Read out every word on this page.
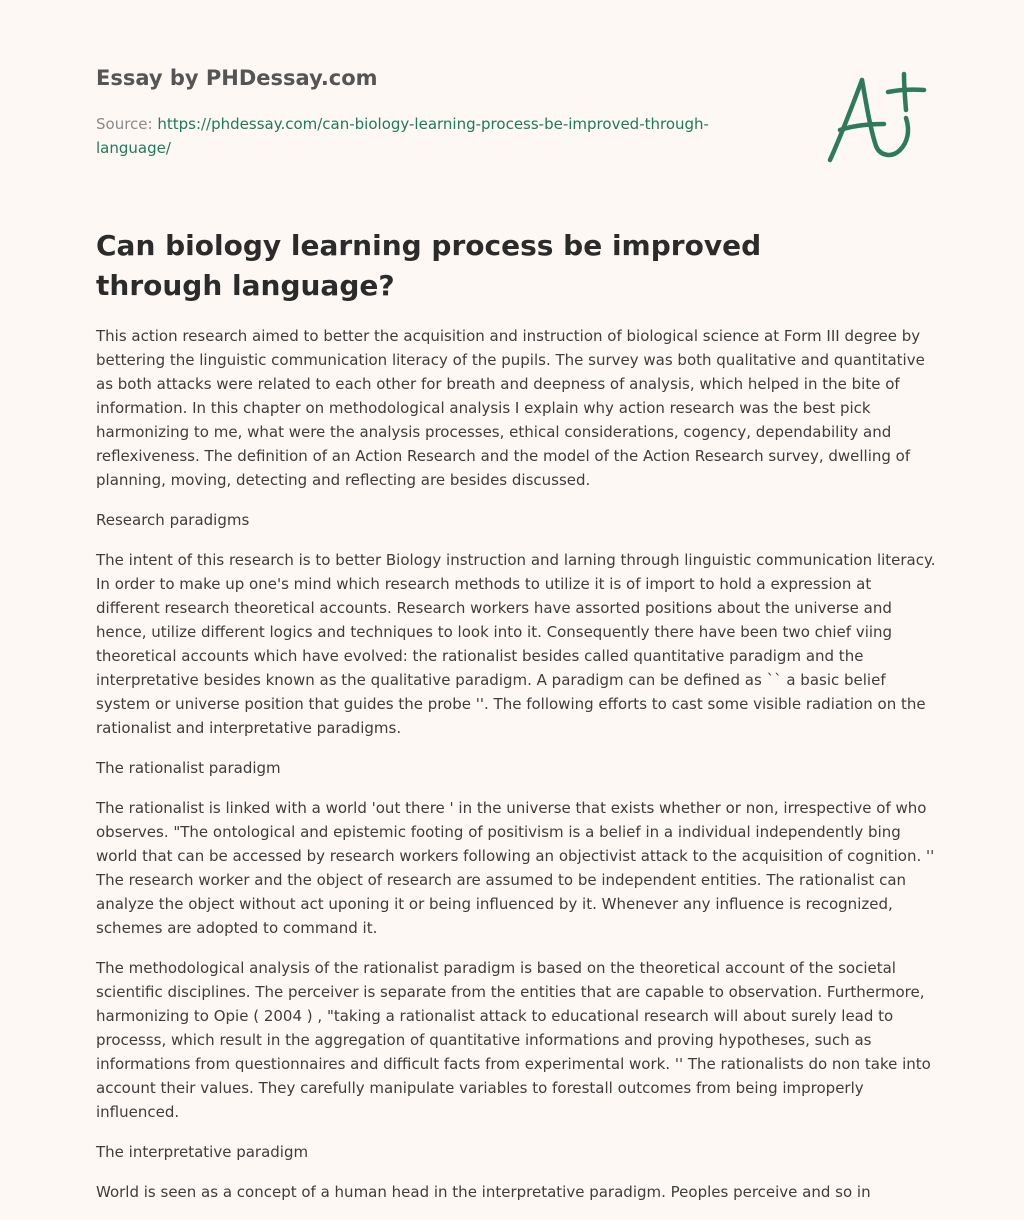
Essay by PHDessay.com
Source: https://phdessay.com/can-biology-learning-process-be-improved-through-language/
Can biology learning process be improved through language?

This action research aimed to better the acquisition and instruction of biological science at Form III degree by bettering the linguistic communication literacy of the pupils. The survey was both qualitative and quantitative as both attacks were related to each other for breath and deepness of analysis, which helped in the bite of information. In this chapter on methodological analysis I explain why action research was the best pick harmonizing to me, what were the analysis processes, ethical considerations, cogency, dependability and reflexiveness. The definition of an Action Research and the model of the Action Research survey, dwelling of planning, moving, detecting and reflecting are besides discussed.

Research paradigms

The intent of this research is to better Biology instruction and larning through linguistic communication literacy. In order to make up one's mind which research methods to utilize it is of import to hold a expression at different research theoretical accounts. Research workers have assorted positions about the universe and hence, utilize different logics and techniques to look into it. Consequently there have been two chief viing theoretical accounts which have evolved: the rationalist besides called quantitative paradigm and the interpretative besides known as the qualitative paradigm. A paradigm can be defined as `` a basic belief system or universe position that guides the probe ''. The following efforts to cast some visible radiation on the rationalist and interpretative paradigms.

The rationalist paradigm

The rationalist is linked with a world 'out there ' in the universe that exists whether or non, irrespective of who observes. "The ontological and epistemic footing of positivism is a belief in a individual independently bing world that can be accessed by research workers following an objectivist attack to the acquisition of cognition. '' The research worker and the object of research are assumed to be independent entities. The rationalist can analyze the object without act uponing it or being influenced by it. Whenever any influence is recognized, schemes are adopted to command it.

The methodological analysis of the rationalist paradigm is based on the theoretical account of the societal scientific disciplines. The perceiver is separate from the entities that are capable to observation. Furthermore, harmonizing to Opie ( 2004 ) , "taking a rationalist attack to educational research will about surely lead to processs, which result in the aggregation of quantitative informations and proving hypotheses, such as informations from questionnaires and difficult facts from experimental work. '' The rationalists do non take into account their values. They carefully manipulate variables to forestall outcomes from being improperly influenced.

The interpretative paradigm

World is seen as a concept of a human head in the interpretative paradigm. Peoples perceive and so in
